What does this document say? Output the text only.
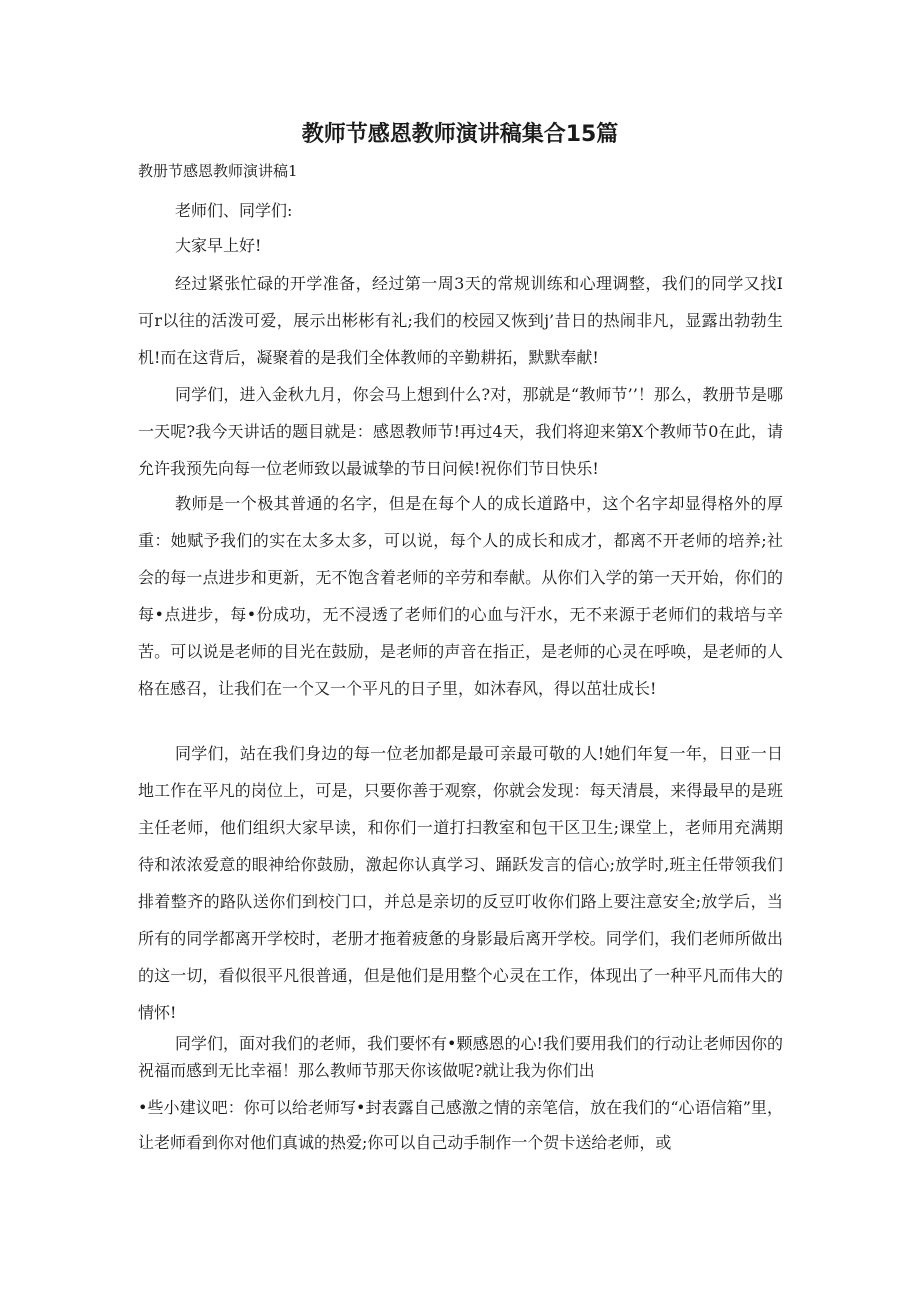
教师节感恩教师演讲稿集合15篇

教册节感恩教师演讲稿1

老师们、同学们:

大家早上好!

经过紧张忙碌的开学准备，经过第一周3天的常规训练和心理调整，我们的同学又找I可r以往的活泼可爱，展示出彬彬有礼;我们的校园又恢到j’昔日的热闹非凡，显露出勃勃生机!而在这背后，凝聚着的是我们全体教师的辛勤耕拓，默默奉献!

同学们，进入金秋九月，你会马上想到什么?对，那就是“教师节’’！那么，教册节是哪一天呢?我今天讲话的题目就是：感恩教师节!再过4天，我们将迎来第X个教师节0在此，请允许我预先向每一位老师致以最诚挚的节日问候!祝你们节日快乐!

教师是一个极其普通的名字，但是在每个人的成长道路中，这个名字却显得格外的厚重：她赋予我们的实在太多太多，可以说，每个人的成长和成才，都离不开老师的培养;社会的每一点进步和更新，无不饱含着老师的辛劳和奉献。从你们入学的第一天开始，你们的每•点进步，每•份成功，无不浸透了老师们的心血与汗水，无不来源于老师们的栽培与辛苦。可以说是老师的目光在鼓励，是老师的声音在指正，是老师的心灵在呼唤，是老师的人格在感召，让我们在一个又一个平凡的日子里，如沐春风，得以茁壮成长!

同学们，站在我们身边的每一位老加都是最可亲最可敬的人!她们年复一年，日亚一日地工作在平凡的岗位上，可是，只要你善于观察，你就会发现：每天清晨，来得最早的是班主任老师，他们组织大家早读，和你们一道打扫教室和包干区卫生;课堂上，老师用充满期待和浓浓爱意的眼神给你鼓励，激起你认真学习、踊跃发言的信心;放学时,班主任带领我们排着整齐的路队送你们到校门口，并总是亲切的反豆叮收你们路上要注意安全;放学后，当所有的同学都离开学校时，老册才拖着疲惫的身影最后离开学校。同学们，我们老师所做出的这一切，看似很平凡很普通，但是他们是用整个心灵在工作，体现出了一种平凡而伟大的情怀!

同学们，面对我们的老师，我们要怀有•颗感恩的心!我们要用我们的行动让老师因你的祝福而感到无比幸福！那么教师节那天你该做呢?就让我为你们出

•些小建议吧：你可以给老师写•封表露自己感激之情的亲笔信，放在我们的“心语信箱”里，让老师看到你对他们真诚的热爱;你可以自己动手制作一个贺卡送给老师，或
